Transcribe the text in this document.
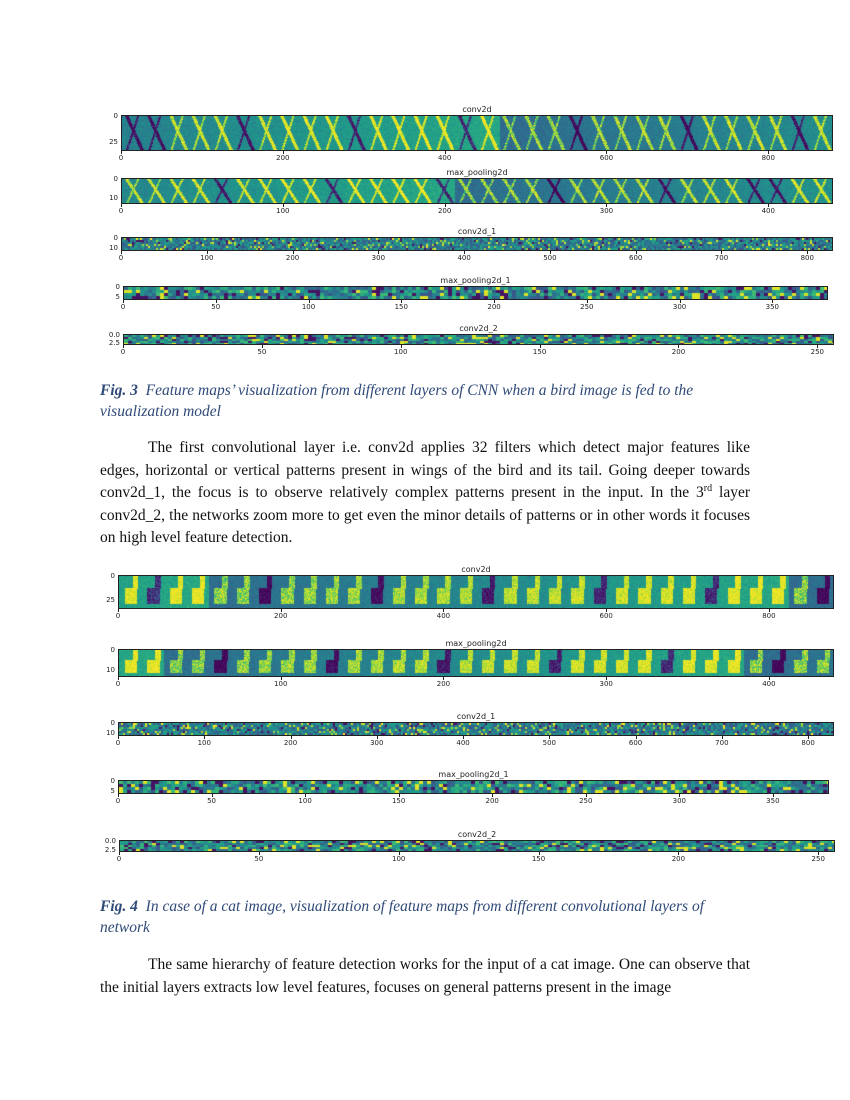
conv2d
0
25
0	200	400	600	800
max_pooling2d
0
10
0	100	200	300	400
conv2d_1
0
10
0	100	200	300	400	500	600	700	800
max_pooling2d_1
0
5
0	50	100	150	200	250	300	350
conv2d_2
0.0
2.5
0	50	100	150	200	250
Fig. 3 Feature maps’ visualization from different layers of CNN when a bird image is fed to the visualization model
The first convolutional layer i.e. conv2d applies 32 filters which detect major features like edges, horizontal or vertical patterns present in wings of the bird and its tail. Going deeper towards conv2d_1, the focus is to observe relatively complex patterns present in the input. In the 3rd layer conv2d_2, the networks zoom more to get even the minor details of patterns or in other words it focuses on high level feature detection.
conv2d
0
25
0	200	400	600	800
max_pooling2d
0
10
0	100	200	300	400
conv2d_1
0
10
0	100	200	300	400	500	600	700	800
max_pooling2d_1
0
5
0	50	100	150	200	250	300	350
conv2d_2
0.0
2.5
0	50	100	150	200	250
Fig. 4 In case of a cat image, visualization of feature maps from different convolutional layers of network
The same hierarchy of feature detection works for the input of a cat image. One can observe that the initial layers extracts low level features, focuses on general patterns present in the image
